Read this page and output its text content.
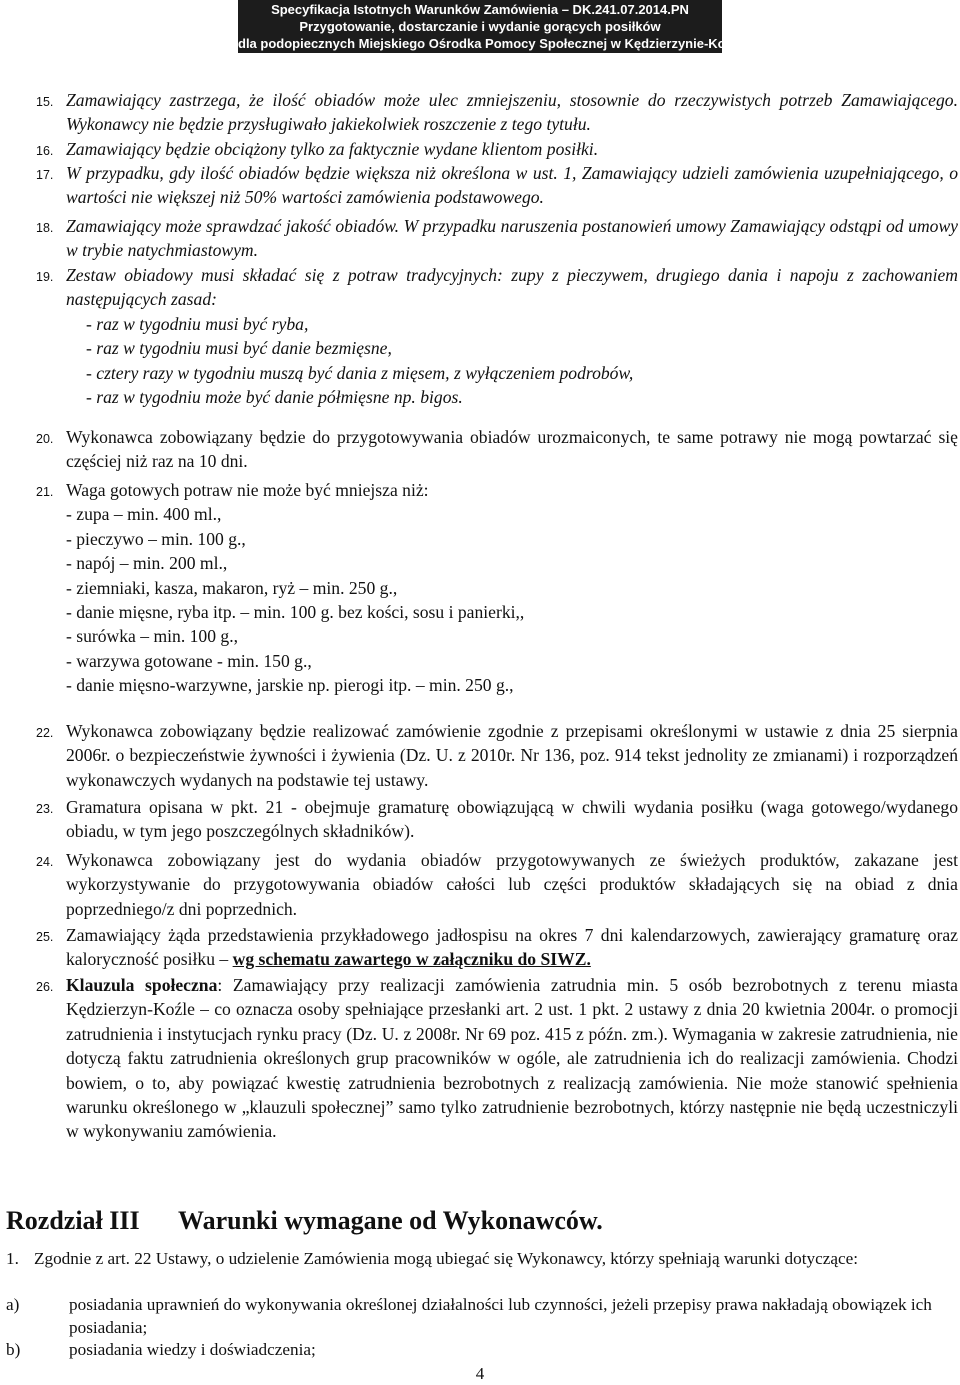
Specyfikacja Istotnych Warunków Zamówienia – DK.241.07.2014.PN
Przygotowanie, dostarczanie i wydanie gorących posiłków
dla podopiecznych Miejskiego Ośrodka Pomocy Społecznej w Kędzierzynie-Koźlu
15. Zamawiający zastrzega, że ilość obiadów może ulec zmniejszeniu, stosownie do rzeczywistych potrzeb Zamawiającego. Wykonawcy nie będzie przysługiwało jakiekolwiek roszczenie z tego tytułu.
16. Zamawiający będzie obciążony tylko za faktycznie wydane klientom posiłki.
17. W przypadku, gdy ilość obiadów będzie większa niż określona w ust. 1, Zamawiający udzieli zamówienia uzupełniającego, o wartości nie większej niż 50% wartości zamówienia podstawowego.
18. Zamawiający może sprawdzać jakość obiadów. W przypadku naruszenia postanowień umowy Zamawiający odstąpi od umowy w trybie natychmiastowym.
19. Zestaw obiadowy musi składać się z potraw tradycyjnych: zupy z pieczywem, drugiego dania i napoju z zachowaniem następujących zasad:
- raz w tygodniu musi być ryba,
- raz w tygodniu musi być danie bezmięsne,
- cztery razy w tygodniu muszą być dania z mięsem, z wyłączeniem podrobów,
- raz w tygodniu może być danie półmięsne np. bigos.
20. Wykonawca zobowiązany będzie do przygotowywania obiadów urozmaiconych, te same potrawy nie mogą powtarzać się częściej niż raz na 10 dni.
21. Waga gotowych potraw nie może być mniejsza niż:
- zupa – min. 400 ml.,
- pieczywo – min. 100 g.,
- napój – min. 200 ml.,
- ziemniaki, kasza, makaron, ryż – min. 250 g.,
- danie mięsne, ryba itp. – min. 100 g. bez kości, sosu i panierki,,
- surówka – min. 100 g.,
- warzywa gotowane - min. 150 g.,
- danie mięsno-warzywne, jarskie np. pierogi itp. – min. 250 g.,
22. Wykonawca zobowiązany będzie realizować zamówienie zgodnie z przepisami określonymi w ustawie z dnia 25 sierpnia 2006r. o bezpieczeństwie żywności i żywienia (Dz. U. z 2010r. Nr 136, poz. 914 tekst jednolity ze zmianami) i rozporządzeń wykonawczych wydanych na podstawie tej ustawy.
23. Gramatura opisana w pkt. 21 - obejmuje gramaturę obowiązującą w chwili wydania posiłku (waga gotowego/wydanego obiadu, w tym jego poszczególnych składników).
24. Wykonawca zobowiązany jest do wydania obiadów przygotowywanych ze świeżych produktów, zakazane jest wykorzystywanie do przygotowywania obiadów całości lub części produktów składających się na obiad z dnia poprzedniego/z dni poprzednich.
25. Zamawiający żąda przedstawienia przykładowego jadłospisu na okres 7 dni kalendarzowych, zawierający gramaturę oraz kaloryczność posiłku – wg schematu zawartego w załączniku do SIWZ.
26. Klauzula społeczna: Zamawiający przy realizacji zamówienia zatrudnia min. 5 osób bezrobotnych z terenu miasta Kędzierzyn-Koźle – co oznacza osoby spełniające przesłanki art. 2 ust. 1 pkt. 2 ustawy z dnia 20 kwietnia 2004r. o promocji zatrudnienia i instytucjach rynku pracy (Dz. U. z 2008r. Nr 69 poz. 415 z późn. zm.). Wymagania w zakresie zatrudnienia, nie dotyczą faktu zatrudnienia określonych grup pracowników w ogóle, ale zatrudnienia ich do realizacji zamówienia. Chodzi bowiem, o to, aby powiązać kwestię zatrudnienia bezrobotnych z realizacją zamówienia. Nie może stanowić spełnienia warunku określonego w „klauzuli społecznej” samo tylko zatrudnienie bezrobotnych, którzy następnie nie będą uczestniczyli w wykonywaniu zamówienia.
Rozdział III Warunki wymagane od Wykonawców.
1. Zgodnie z art. 22 Ustawy, o udzielenie Zamówienia mogą ubiegać się Wykonawcy, którzy spełniają warunki dotyczące:
a)	posiadania uprawnień do wykonywania określonej działalności lub czynności, jeżeli przepisy prawa nakładają obowiązek ich posiadania;
b)	posiadania wiedzy i doświadczenia;
4
